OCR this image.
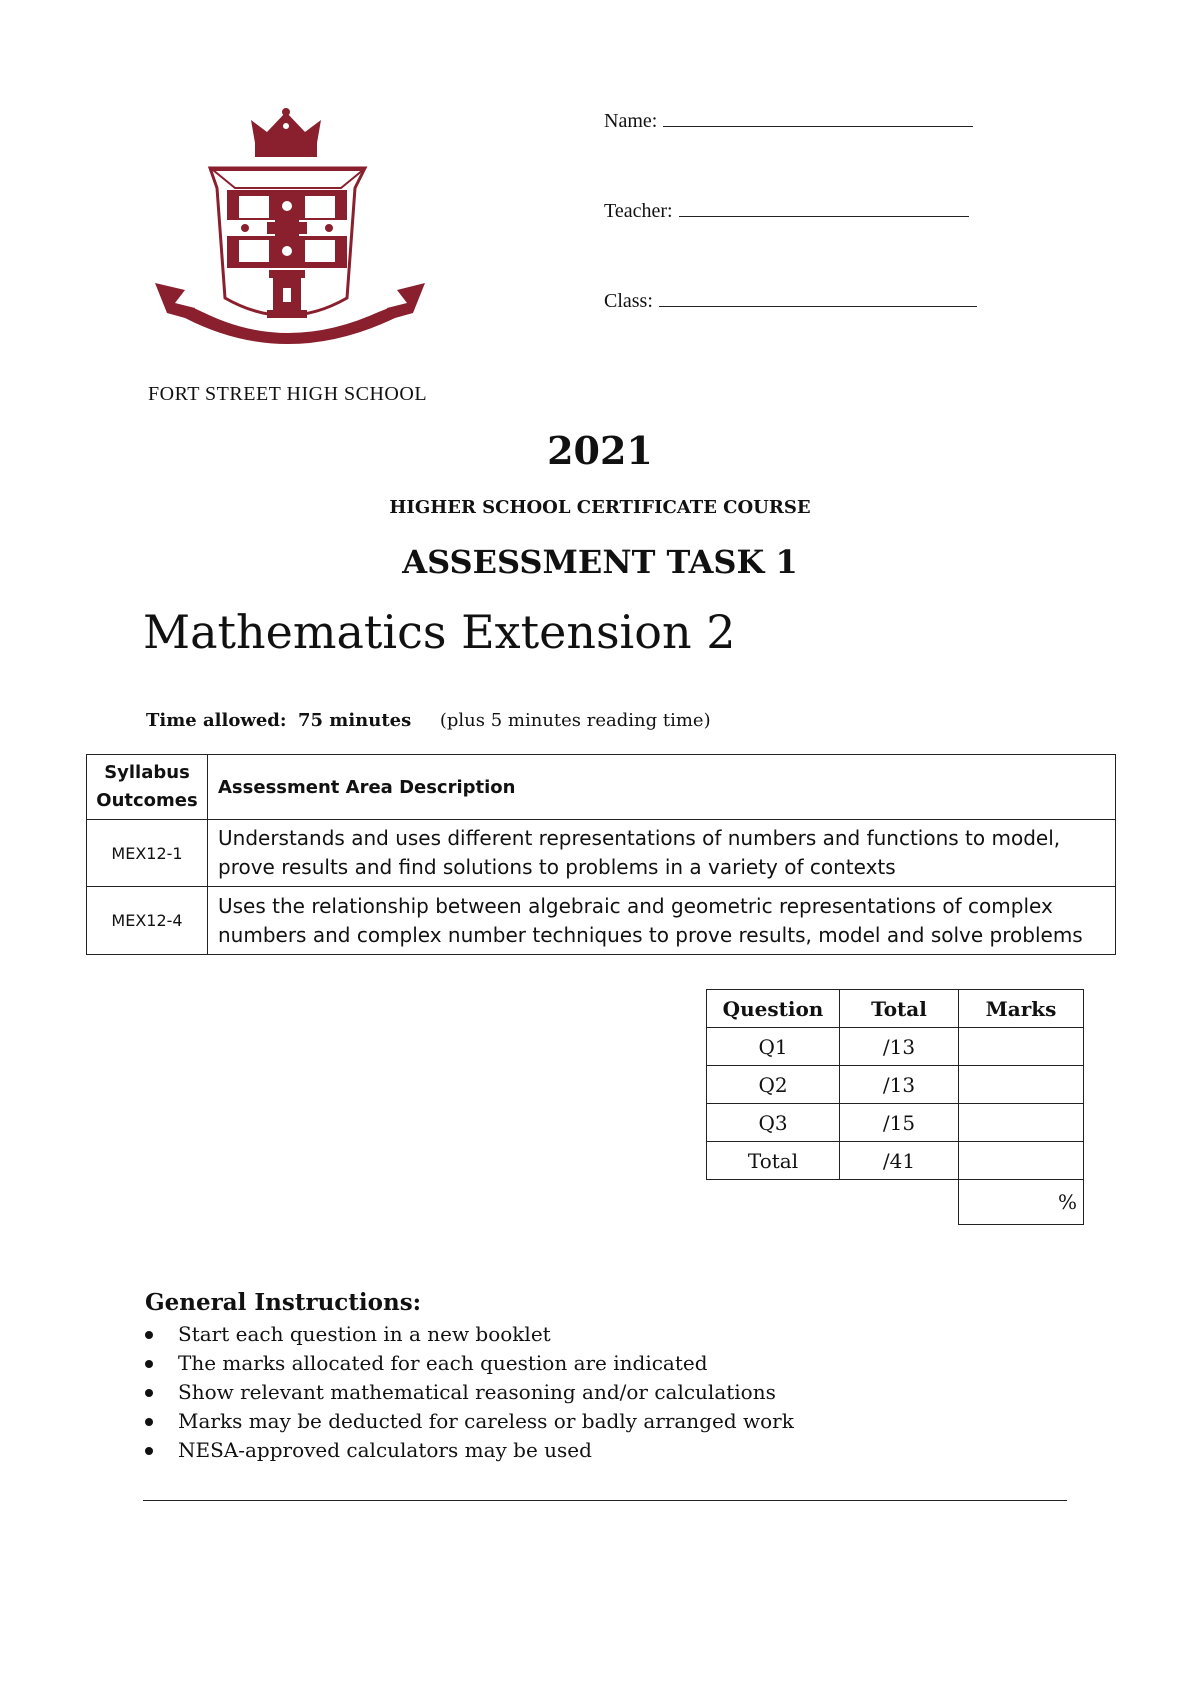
FORT STREET HIGH SCHOOL
Name:
Teacher:
Class:
2021
HIGHER SCHOOL CERTIFICATE COURSE
ASSESSMENT TASK 1
Mathematics Extension 2
Time allowed: 75 minutes (plus 5 minutes reading time)
Syllabus Outcomes	Assessment Area Description
MEX12-1	Understands and uses different representations of numbers and functions to model, prove results and find solutions to problems in a variety of contexts
MEX12-4	Uses the relationship between algebraic and geometric representations of complex numbers and complex number techniques to prove results, model and solve problems
Question	Total	Marks
Q1	/13	
Q2	/13	
Q3	/15	
Total	/41	
		%
General Instructions:
Start each question in a new booklet
The marks allocated for each question are indicated
Show relevant mathematical reasoning and/or calculations
Marks may be deducted for careless or badly arranged work
NESA-approved calculators may be used
